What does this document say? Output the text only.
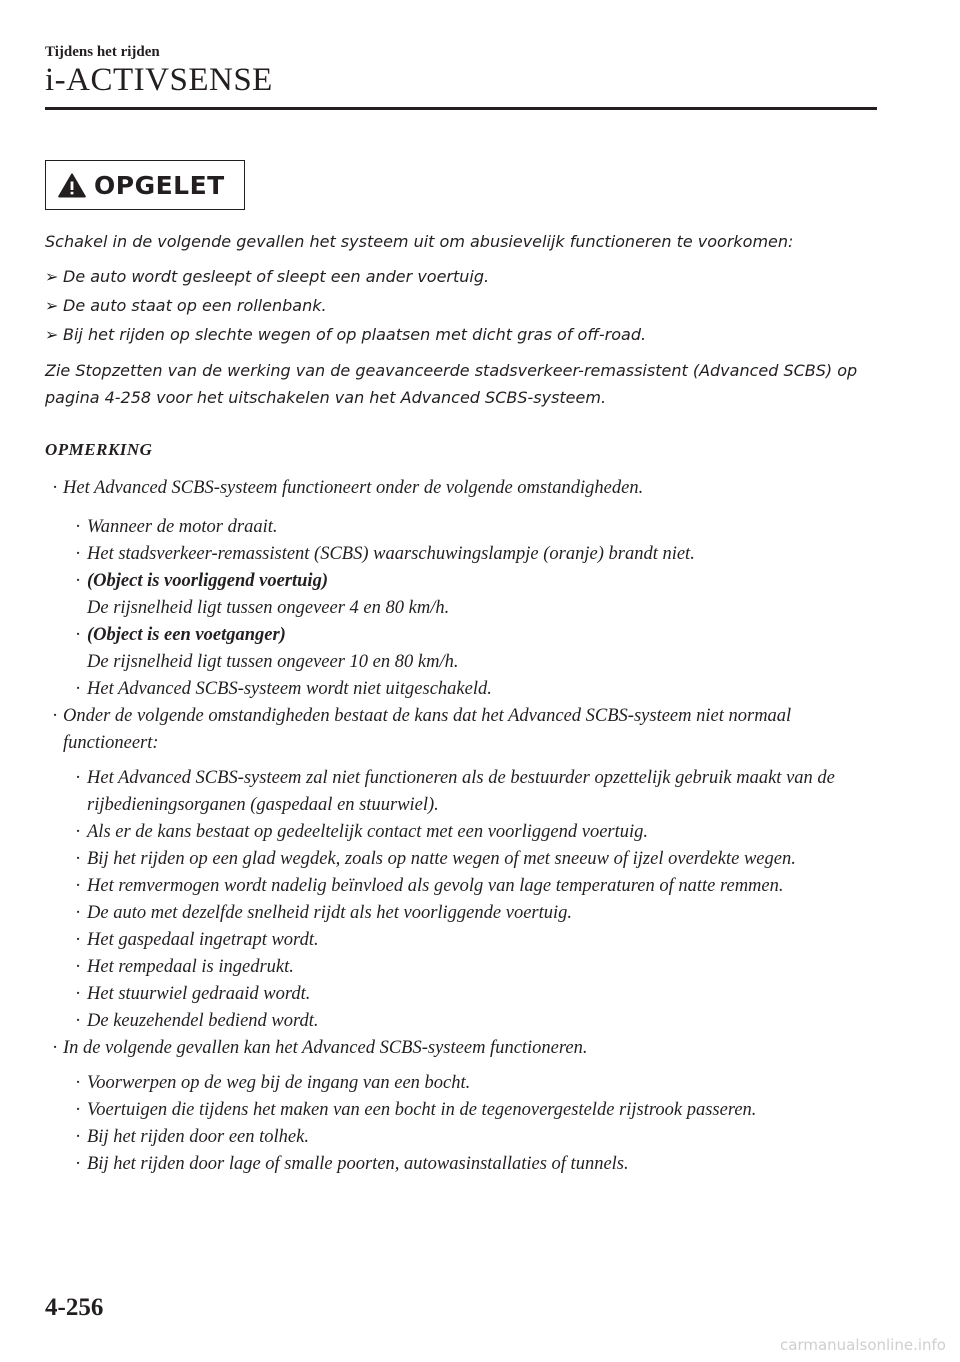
Tijdens het rijden
i-ACTIVSENSE
OPGELET
Schakel in de volgende gevallen het systeem uit om abusievelijk functioneren te voorkomen:
➢ De auto wordt gesleept of sleept een ander voertuig.
➢ De auto staat op een rollenbank.
➢ Bij het rijden op slechte wegen of op plaatsen met dicht gras of off-road.
Zie Stopzetten van de werking van de geavanceerde stadsverkeer-remassistent (Advanced SCBS) op pagina 4-258 voor het uitschakelen van het Advanced SCBS-systeem.
OPMERKING
· Het Advanced SCBS-systeem functioneert onder de volgende omstandigheden.
· Wanneer de motor draait.
· Het stadsverkeer-remassistent (SCBS) waarschuwingslampje (oranje) brandt niet.
· (Object is voorliggend voertuig)
De rijsnelheid ligt tussen ongeveer 4 en 80 km/h.
· (Object is een voetganger)
De rijsnelheid ligt tussen ongeveer 10 en 80 km/h.
· Het Advanced SCBS-systeem wordt niet uitgeschakeld.
· Onder de volgende omstandigheden bestaat de kans dat het Advanced SCBS-systeem niet normaal functioneert:
· Het Advanced SCBS-systeem zal niet functioneren als de bestuurder opzettelijk gebruik maakt van de rijbedieningsorganen (gaspedaal en stuurwiel).
· Als er de kans bestaat op gedeeltelijk contact met een voorliggend voertuig.
· Bij het rijden op een glad wegdek, zoals op natte wegen of met sneeuw of ijzel overdekte wegen.
· Het remvermogen wordt nadelig beïnvloed als gevolg van lage temperaturen of natte remmen.
· De auto met dezelfde snelheid rijdt als het voorliggende voertuig.
· Het gaspedaal ingetrapt wordt.
· Het rempedaal is ingedrukt.
· Het stuurwiel gedraaid wordt.
· De keuzehendel bediend wordt.
· In de volgende gevallen kan het Advanced SCBS-systeem functioneren.
· Voorwerpen op de weg bij de ingang van een bocht.
· Voertuigen die tijdens het maken van een bocht in de tegenovergestelde rijstrook passeren.
· Bij het rijden door een tolhek.
· Bij het rijden door lage of smalle poorten, autowasinstallaties of tunnels.
4-256
carmanualsonline.info
